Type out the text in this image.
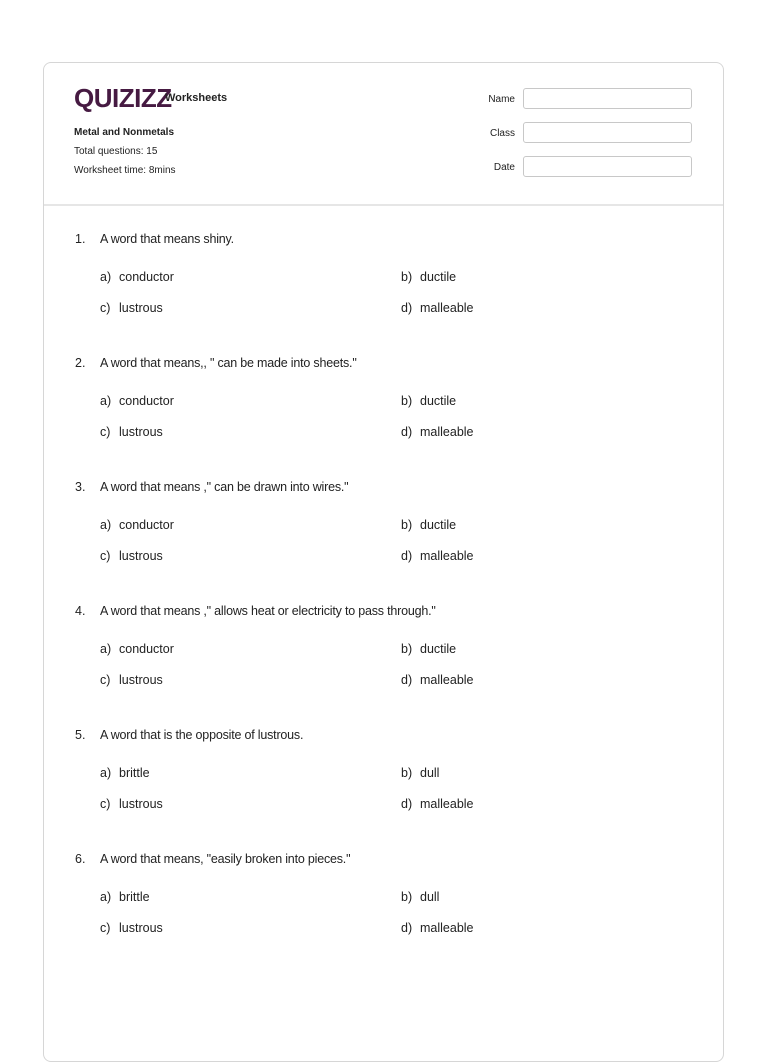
QUIZIZZ
Worksheets
Metal and Nonmetals
Total questions: 15
Worksheet time: 8mins
Name
Class
Date
1. A word that means shiny.
a) conductor	b) ductile
c) lustrous	d) malleable
2. A word that means,, " can be made into sheets."
a) conductor	b) ductile
c) lustrous	d) malleable
3. A word that means ," can be drawn into wires."
a) conductor	b) ductile
c) lustrous	d) malleable
4. A word that means ," allows heat or electricity to pass through."
a) conductor	b) ductile
c) lustrous	d) malleable
5. A word that is the opposite of lustrous.
a) brittle	b) dull
c) lustrous	d) malleable
6. A word that means, "easily broken into pieces."
a) brittle	b) dull
c) lustrous	d) malleable
